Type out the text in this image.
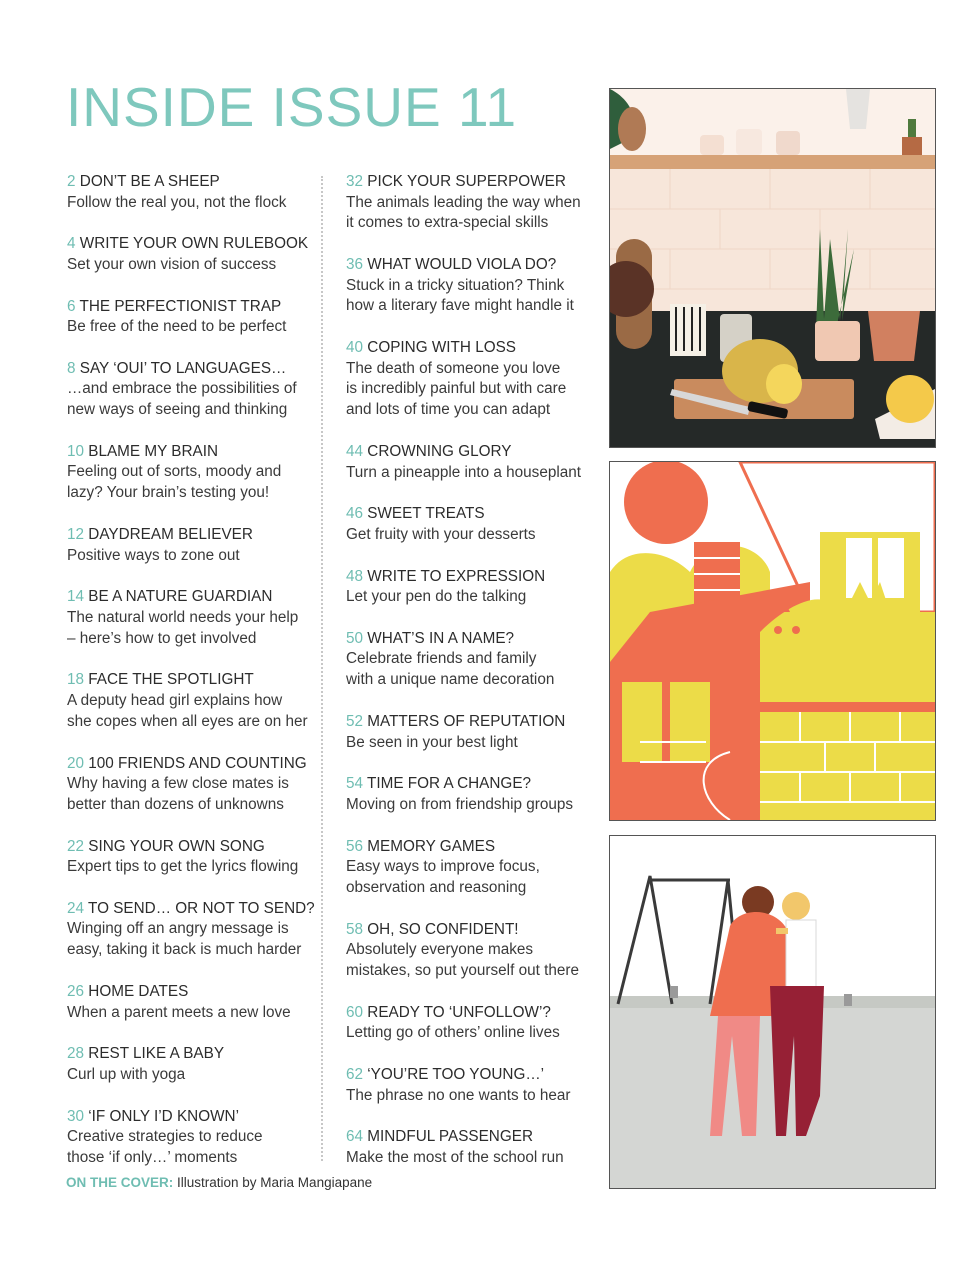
INSIDE ISSUE 11
2 DON’T BE A SHEEP
Follow the real you, not the flock
4 WRITE YOUR OWN RULEBOOK
Set your own vision of success
6 THE PERFECTIONIST TRAP
Be free of the need to be perfect
8 SAY ‘OUI’ TO LANGUAGES…
…and embrace the possibilities of
new ways of seeing and thinking
10 BLAME MY BRAIN
Feeling out of sorts, moody and
lazy? Your brain’s testing you!
12 DAYDREAM BELIEVER
Positive ways to zone out
14 BE A NATURE GUARDIAN
The natural world needs your help
– here’s how to get involved
18 FACE THE SPOTLIGHT
A deputy head girl explains how
she copes when all eyes are on her
20 100 FRIENDS AND COUNTING
Why having a few close mates is
better than dozens of unknowns
22 SING YOUR OWN SONG
Expert tips to get the lyrics flowing
24 TO SEND… OR NOT TO SEND?
Winging off an angry message is
easy, taking it back is much harder
26 HOME DATES
When a parent meets a new love
28 REST LIKE A BABY
Curl up with yoga
30 ‘IF ONLY I’D KNOWN’
Creative strategies to reduce
those ‘if only…’ moments
32 PICK YOUR SUPERPOWER
The animals leading the way when
it comes to extra-special skills
36 WHAT WOULD VIOLA DO?
Stuck in a tricky situation? Think
how a literary fave might handle it
40 COPING WITH LOSS
The death of someone you love
is incredibly painful but with care
and lots of time you can adapt
44 CROWNING GLORY
Turn a pineapple into a houseplant
46 SWEET TREATS
Get fruity with your desserts
48 WRITE TO EXPRESSION
Let your pen do the talking
50 WHAT’S IN A NAME?
Celebrate friends and family
with a unique name decoration
52 MATTERS OF REPUTATION
Be seen in your best light
54 TIME FOR A CHANGE?
Moving on from friendship groups
56 MEMORY GAMES
Easy ways to improve focus,
observation and reasoning
58 OH, SO CONFIDENT!
Absolutely everyone makes
mistakes, so put yourself out there
60 READY TO ‘UNFOLLOW’?
Letting go of others’ online lives
62 ‘YOU’RE TOO YOUNG…’
The phrase no one wants to hear
64 MINDFUL PASSENGER
Make the most of the school run
ON THE COVER: Illustration by Maria Mangiapane
